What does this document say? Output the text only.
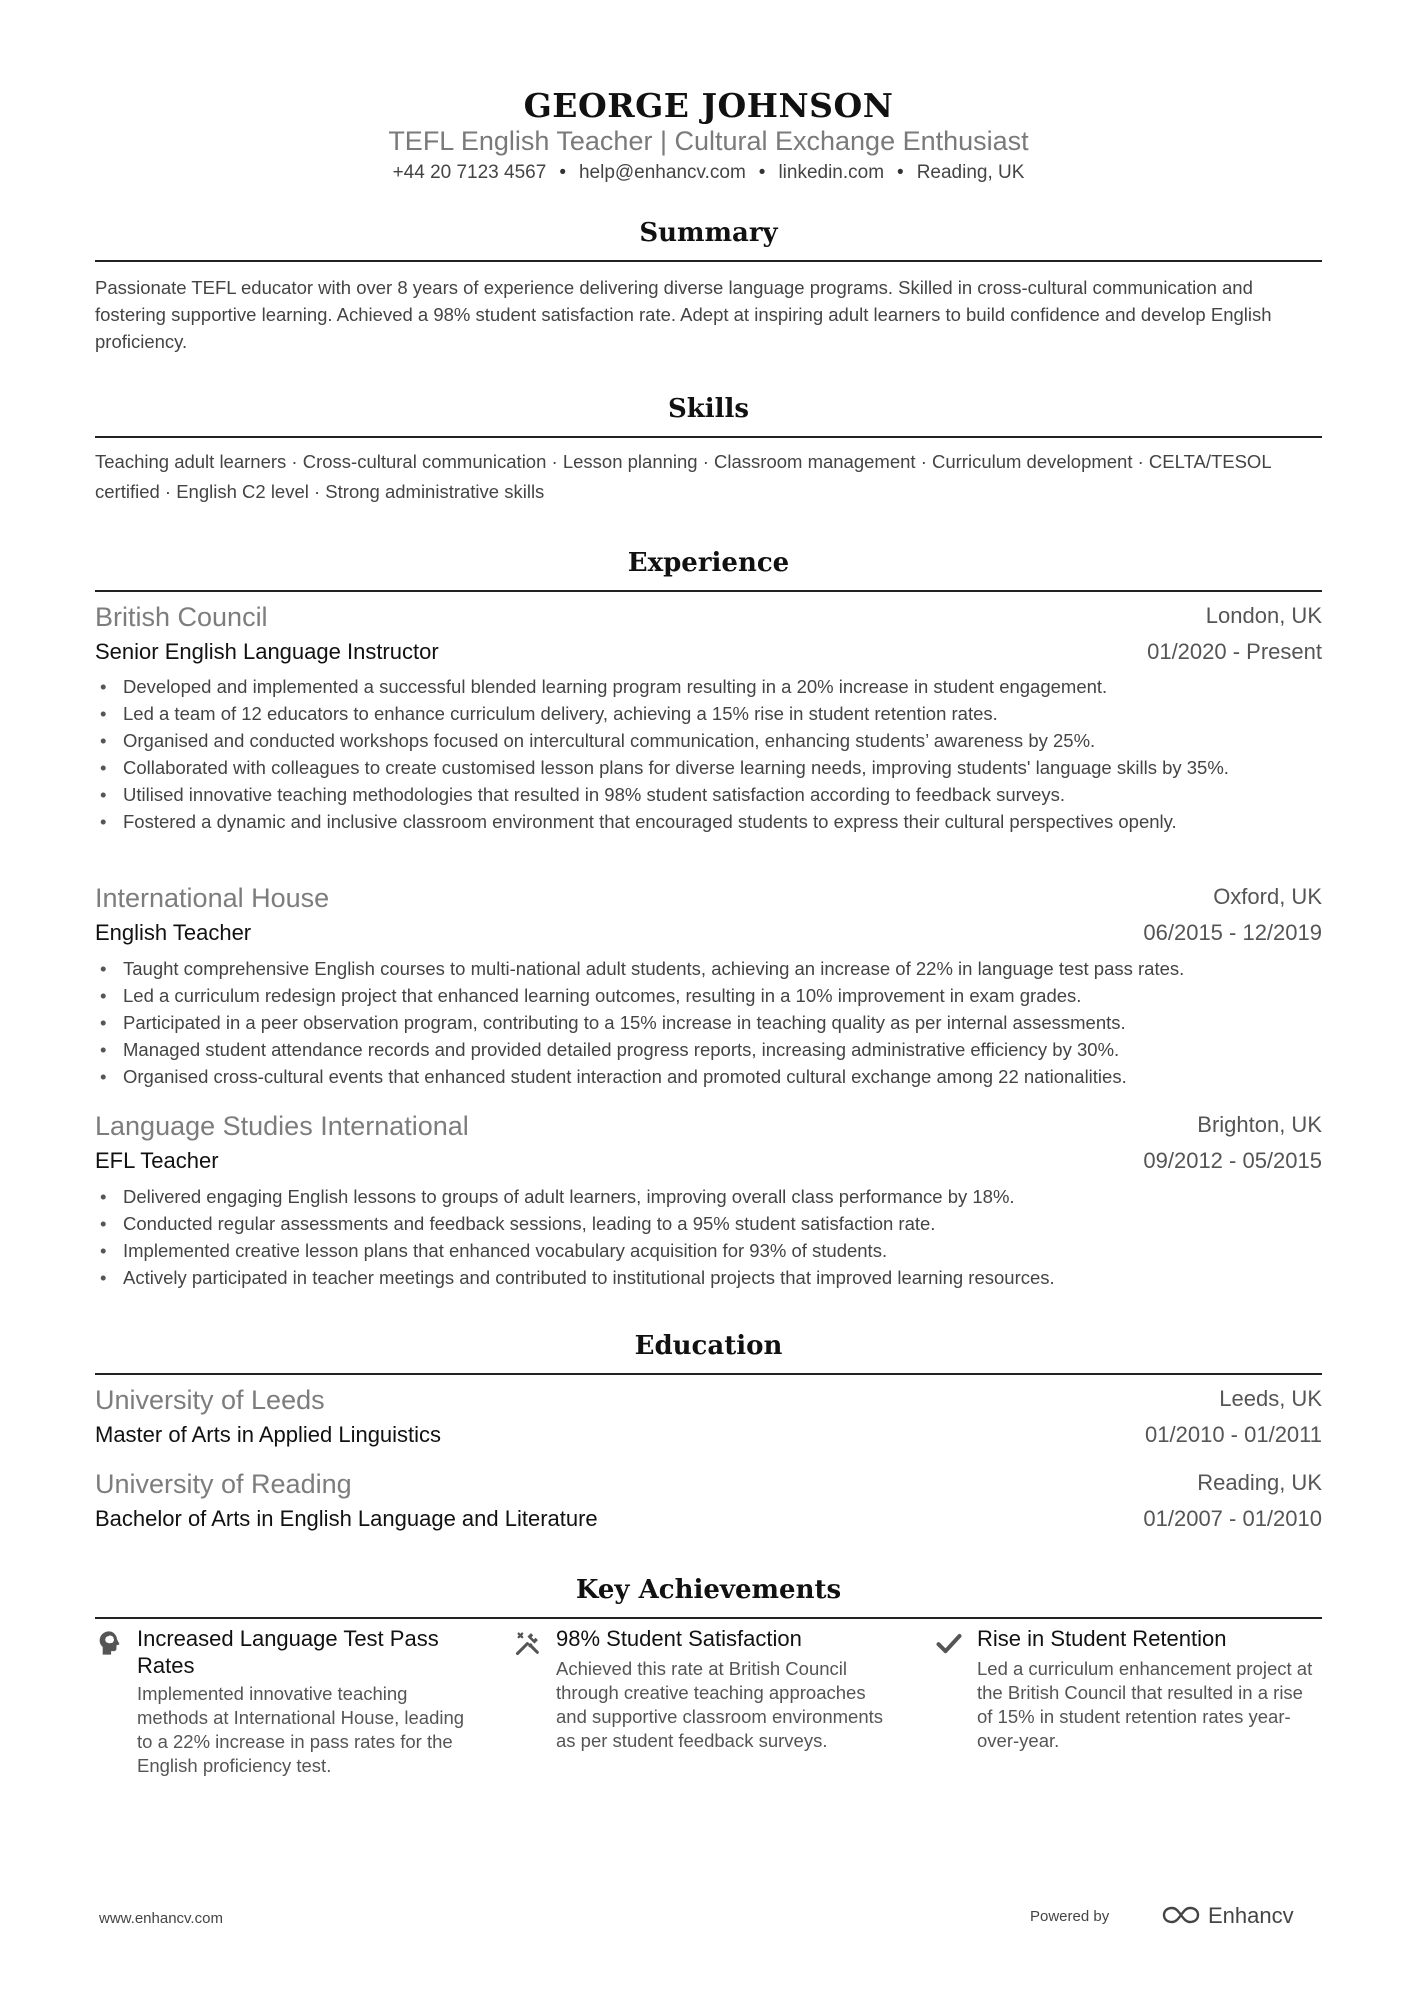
GEORGE JOHNSON
TEFL English Teacher | Cultural Exchange Enthusiast
+44 20 7123 4567 • help@enhancv.com • linkedin.com • Reading, UK
Summary
Passionate TEFL educator with over 8 years of experience delivering diverse language programs. Skilled in cross-cultural communication and fostering supportive learning. Achieved a 98% student satisfaction rate. Adept at inspiring adult learners to build confidence and develop English proficiency.
Skills
Teaching adult learners · Cross-cultural communication · Lesson planning · Classroom management · Curriculum development · CELTA/TESOL certified · English C2 level · Strong administrative skills
Experience
British Council	London, UK
Senior English Language Instructor	01/2020 - Present
• Developed and implemented a successful blended learning program resulting in a 20% increase in student engagement.
• Led a team of 12 educators to enhance curriculum delivery, achieving a 15% rise in student retention rates.
• Organised and conducted workshops focused on intercultural communication, enhancing students’ awareness by 25%.
• Collaborated with colleagues to create customised lesson plans for diverse learning needs, improving students' language skills by 35%.
• Utilised innovative teaching methodologies that resulted in 98% student satisfaction according to feedback surveys.
• Fostered a dynamic and inclusive classroom environment that encouraged students to express their cultural perspectives openly.
International House	Oxford, UK
English Teacher	06/2015 - 12/2019
• Taught comprehensive English courses to multi-national adult students, achieving an increase of 22% in language test pass rates.
• Led a curriculum redesign project that enhanced learning outcomes, resulting in a 10% improvement in exam grades.
• Participated in a peer observation program, contributing to a 15% increase in teaching quality as per internal assessments.
• Managed student attendance records and provided detailed progress reports, increasing administrative efficiency by 30%.
• Organised cross-cultural events that enhanced student interaction and promoted cultural exchange among 22 nationalities.
Language Studies International	Brighton, UK
EFL Teacher	09/2012 - 05/2015
• Delivered engaging English lessons to groups of adult learners, improving overall class performance by 18%.
• Conducted regular assessments and feedback sessions, leading to a 95% student satisfaction rate.
• Implemented creative lesson plans that enhanced vocabulary acquisition for 93% of students.
• Actively participated in teacher meetings and contributed to institutional projects that improved learning resources.
Education
University of Leeds	Leeds, UK
Master of Arts in Applied Linguistics	01/2010 - 01/2011
University of Reading	Reading, UK
Bachelor of Arts in English Language and Literature	01/2007 - 01/2010
Key Achievements
Increased Language Test Pass Rates
Implemented innovative teaching methods at International House, leading to a 22% increase in pass rates for the English proficiency test.
98% Student Satisfaction
Achieved this rate at British Council through creative teaching approaches and supportive classroom environments as per student feedback surveys.
Rise in Student Retention
Led a curriculum enhancement project at the British Council that resulted in a rise of 15% in student retention rates year-over-year.
www.enhancv.com	Powered by	Enhancv
